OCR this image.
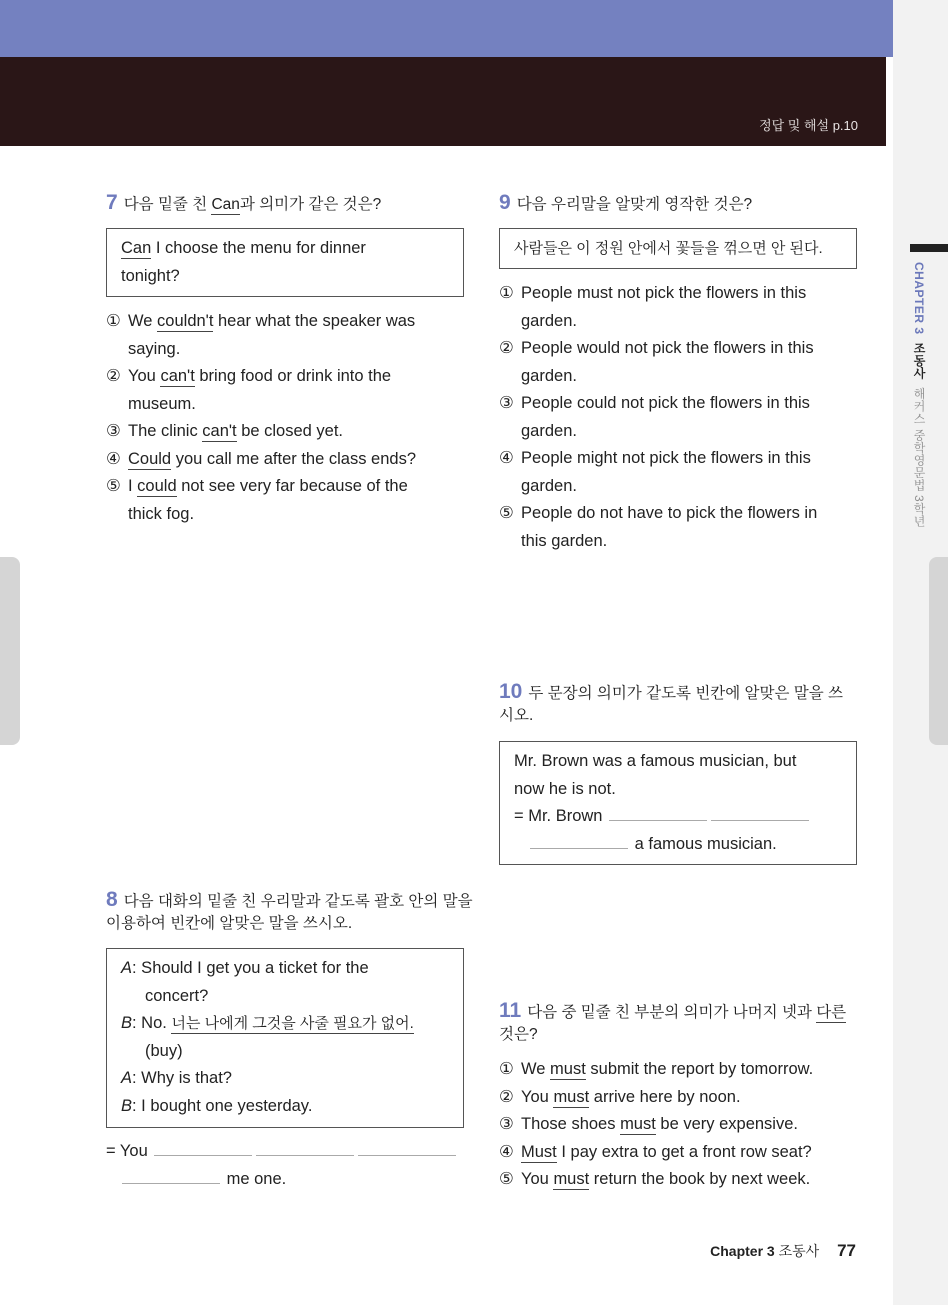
정답 및 해설 p.10
CHAPTER 3  조동사  해커스 중학영문법 3학년
7 다음 밑줄 친 Can과 의미가 같은 것은?
Can I choose the menu for dinner
tonight?
① We couldn't hear what the speaker was
saying.
② You can't bring food or drink into the
museum.
③ The clinic can't be closed yet.
④ Could you call me after the class ends?
⑤ I could not see very far because of the
thick fog.
8 다음 대화의 밑줄 친 우리말과 같도록 괄호 안의 말을
이용하여 빈칸에 알맞은 말을 쓰시오.
A: Should I get you a ticket for the
concert?
B: No. 너는 나에게 그것을 사줄 필요가 없어.
(buy)
A: Why is that?
B: I bought one yesterday.
= You
me one.
9 다음 우리말을 알맞게 영작한 것은?
사람들은 이 정원 안에서 꽃들을 꺾으면 안 된다.
① People must not pick the flowers in this
garden.
② People would not pick the flowers in this
garden.
③ People could not pick the flowers in this
garden.
④ People might not pick the flowers in this
garden.
⑤ People do not have to pick the flowers in
this garden.
10 두 문장의 의미가 같도록 빈칸에 알맞은 말을 쓰
시오.
Mr. Brown was a famous musician, but
now he is not.
= Mr. Brown
a famous musician.
11 다음 중 밑줄 친 부분의 의미가 나머지 넷과 다른
것은?
① We must submit the report by tomorrow.
② You must arrive here by noon.
③ Those shoes must be very expensive.
④ Must I pay extra to get a front row seat?
⑤ You must return the book by next week.
Chapter 3 조동사 77
